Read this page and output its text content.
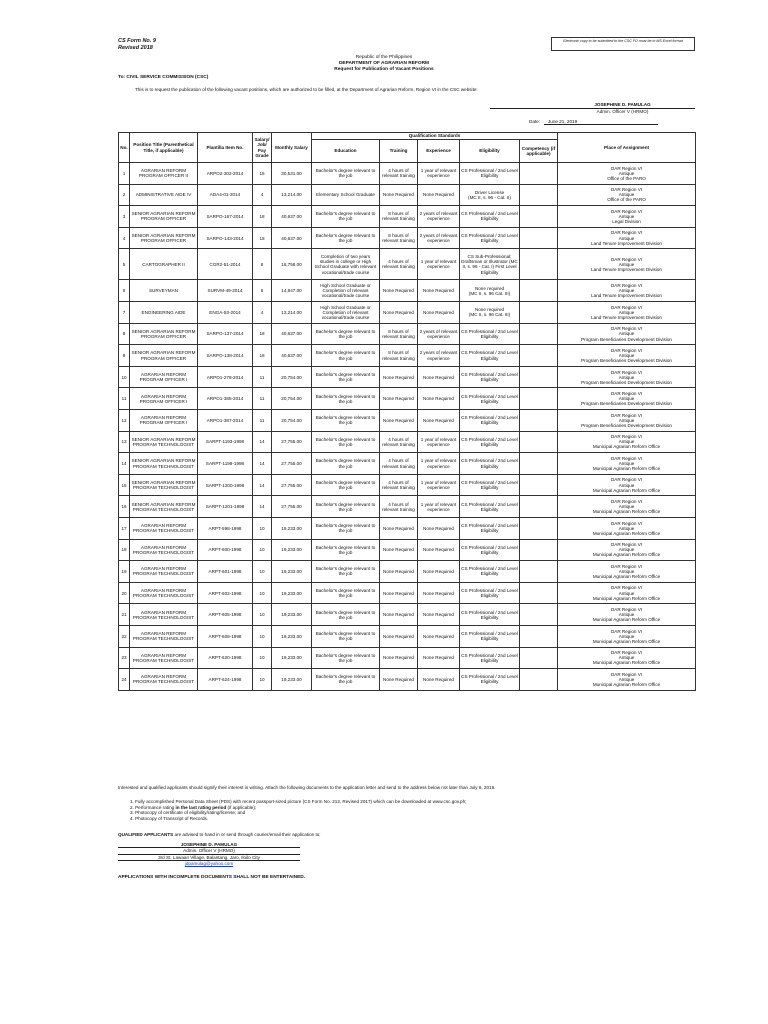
CS Form No. 9
Revised 2018
Electronic copy to be submitted to the CSC FO must be in MS Excel format
Republic of the Philippines
DEPARTMENT OF AGRARIAN REFORM
Request for Publication of Vacant Positions
To: CIVIL SERVICE COMMISSION (CSC)
This is to request the publication of the following vacant positions, which are authorized to be filled, at the Department of Agrarian Reform, Region VI in the CSC website:
JOSEPHINE D. PAMULAG
Admin. Officer V (HRMO)
Date:	June 21, 2019
No.	Position Title (Parenthetical Title, if applicable)	Plantilla Item No.	Salary/ Job/ Pay Grade	Monthly Salary	Qualification Standards					Place of Assignment
					Education	Training	Experience	Eligibility	Competency (if applicable)	
1	AGRARIAN REFORM PROGRAM OFFICER II	ARPO2-302-2014	15	30,531.00	Bachelor's degree relevant to the job	4 hours of relevant training	1 year of relevant experience	CS Professional / 2nd Level Eligibility		DAR Region VI
Antique
Office of the PARO
2	ADMINISTRATIVE AIDE IV	ADA4-01-2014	4	13,214.00	Elementary School Graduate	None Required	None Required	Driver License
(MC II, s. 96 - Cat. II)		DAR Region VI
Antique
Office of the PARO
3	SENIOR AGRARIAN REFORM PROGRAM OFFICER	SARPO-167-2014	18	40,637.00	Bachelor's degree relevant to the job	8 hours of relevant training	2 years of relevant experience	CS Professional / 2nd Level Eligibility		DAR Region VI
Antique
Legal Division
4	SENIOR AGRARIAN REFORM PROGRAM OFFICER	SARPO-143-2014	18	40,637.00	Bachelor's degree relevant to the job	8 hours of relevant training	2 years of relevant experience	CS Professional / 2nd Level Eligibility		DAR Region VI
Antique
Land Tenure Improvement Division
5	CARTOGRAPHER II	CGR2-51-2014	8	16,758.00	Completion of two years studies in college or High School Graduate with relevant vocational/trade course	4 hours of relevant training	1 year of relevant experience	CS Sub-Professional; Draftsman or Illustrator (MC II, s. 96 - Cat. I) First Level Eligibility		DAR Region VI
Antique
Land Tenure Improvement Division
6	SURVEYMAN	SURVM-49-2014	6	14,847.00	High School Graduate or Completion of relevant vocational/trade course	None Required	None Required	None required
(MC II, s. 96 Cat. III)		DAR Region VI
Antique
Land Tenure Improvement Division
7	ENGINEERING AIDE	ENGA-53-2014	4	13,214.00	High School Graduate or Completion of relevant vocational/trade course	None Required	None Required	None required
(MC II, s. 96 Cat. III)		DAR Region VI
Antique
Land Tenure Improvement Division
8	SENIOR AGRARIAN REFORM PROGRAM OFFICER	SARPO-137-2014	18	40,637.00	Bachelor's degree relevant to the job	8 hours of relevant training	2 years of relevant experience	CS Professional / 2nd Level Eligibility		DAR Region VI
Antique
Program Beneficiaries Development Division
9	SENIOR AGRARIAN REFORM PROGRAM OFFICER	SARPO-138-2014	18	40,637.00	Bachelor's degree relevant to the job	8 hours of relevant training	2 years of relevant experience	CS Professional / 2nd Level Eligibility		DAR Region VI
Antique
Program Beneficiaries Development Division
10	AGRARIAN REFORM PROGRAM OFFICER I	ARPO1-278-2014	11	20,754.00	Bachelor's degree relevant to the job	None Required	None Required	CS Professional / 2nd Level Eligibility		DAR Region VI
Antique
Program Beneficiaries Development Division
11	AGRARIAN REFORM PROGRAM OFFICER I	ARPO1-385-2014	11	20,754.00	Bachelor's degree relevant to the job	None Required	None Required	CS Professional / 2nd Level Eligibility		DAR Region VI
Antique
Program Beneficiaries Development Division
12	AGRARIAN REFORM PROGRAM OFFICER I	ARPO1-387-2014	11	20,754.00	Bachelor's degree relevant to the job	None Required	None Required	CS Professional / 2nd Level Eligibility		DAR Region VI
Antique
Program Beneficiaries Development Division
13	SENIOR AGRARIAN REFORM PROGRAM TECHNOLOGIST	SARPT-1193-1998	14	27,755.00	Bachelor's degree relevant to the job	4 hours of relevant training	1 year of relevant experience	CS Professional / 2nd Level Eligibility		DAR Region VI
Antique
Municipal Agrarian Reform Office
14	SENIOR AGRARIAN REFORM PROGRAM TECHNOLOGIST	SARPT-1198-1998	14	27,755.00	Bachelor's degree relevant to the job	4 hours of relevant training	1 year of relevant experience	CS Professional / 2nd Level Eligibility		DAR Region VI
Antique
Municipal Agrarian Reform Office
15	SENIOR AGRARIAN REFORM PROGRAM TECHNOLOGIST	SARPT-1200-1998	14	27,755.00	Bachelor's degree relevant to the job	4 hours of relevant training	1 year of relevant experience	CS Professional / 2nd Level Eligibility		DAR Region VI
Antique
Municipal Agrarian Reform Office
16	SENIOR AGRARIAN REFORM PROGRAM TECHNOLOGIST	SARPT-1201-1998	14	27,755.00	Bachelor's degree relevant to the job	4 hours of relevant training	1 year of relevant experience	CS Professional / 2nd Level Eligibility		DAR Region VI
Antique
Municipal Agrarian Reform Office
17	AGRARIAN REFORM PROGRAM TECHNOLOGIST	ARPT-598-1998	10	19,233.00	Bachelor's degree relevant to the job	None Required	None Required	CS Professional / 2nd Level Eligibility		DAR Region VI
Antique
Municipal Agrarian Reform Office
18	AGRARIAN REFORM PROGRAM TECHNOLOGIST	ARPT-600-1998	10	19,233.00	Bachelor's degree relevant to the job	None Required	None Required	CS Professional / 2nd Level Eligibility		DAR Region VI
Antique
Municipal Agrarian Reform Office
19	AGRARIAN REFORM PROGRAM TECHNOLOGIST	ARPT-601-1998	10	19,233.00	Bachelor's degree relevant to the job	None Required	None Required	CS Professional / 2nd Level Eligibility		DAR Region VI
Antique
Municipal Agrarian Reform Office
20	AGRARIAN REFORM PROGRAM TECHNOLOGIST	ARPT-602-1998	10	19,233.00	Bachelor's degree relevant to the job	None Required	None Required	CS Professional / 2nd Level Eligibility		DAR Region VI
Antique
Municipal Agrarian Reform Office
21	AGRARIAN REFORM PROGRAM TECHNOLOGIST	ARPT-605-1998	10	19,233.00	Bachelor's degree relevant to the job	None Required	None Required	CS Professional / 2nd Level Eligibility		DAR Region VI
Antique
Municipal Agrarian Reform Office
22	AGRARIAN REFORM PROGRAM TECHNOLOGIST	ARPT-609-1998	10	19,233.00	Bachelor's degree relevant to the job	None Required	None Required	CS Professional / 2nd Level Eligibility		DAR Region VI
Antique
Municipal Agrarian Reform Office
23	AGRARIAN REFORM PROGRAM TECHNOLOGIST	ARPT-620-1998	10	19,233.00	Bachelor's degree relevant to the job	None Required	None Required	CS Professional / 2nd Level Eligibility		DAR Region VI
Antique
Municipal Agrarian Reform Office
24	AGRARIAN REFORM PROGRAM TECHNOLOGIST	ARPT-624-1998	10	19,233.00	Bachelor's degree relevant to the job	None Required	None Required	CS Professional / 2nd Level Eligibility		DAR Region VI
Antique
Municipal Agrarian Reform Office
Interested and qualified applicants should signify their interest in writing. Attach the following documents to the application letter and send to the address below not later than July 8, 2019.
1. Fully accomplished Personal Data Sheet (PDS) with recent passport-sized picture (CS Form No. 212, Revised 2017) which can be downloaded at www.csc.gov.ph;
2. Performance rating in the last rating period (if applicable);
3. Photocopy of certificate of eligibility/rating/license; and
4. Photocopy of Transcript of Records.
QUALIFIED APPLICANTS are advised to hand in or send through courier/email their application to:
JOSEPHINE D. PAMULAG
Admin. Officer V (HRMO)
3rd St. Lawaan Village, Balantang, Jaro, Iloilo City
jdpamulag@yahoo.com
APPLICATIONS WITH INCOMPLETE DOCUMENTS SHALL NOT BE ENTERTAINED.
